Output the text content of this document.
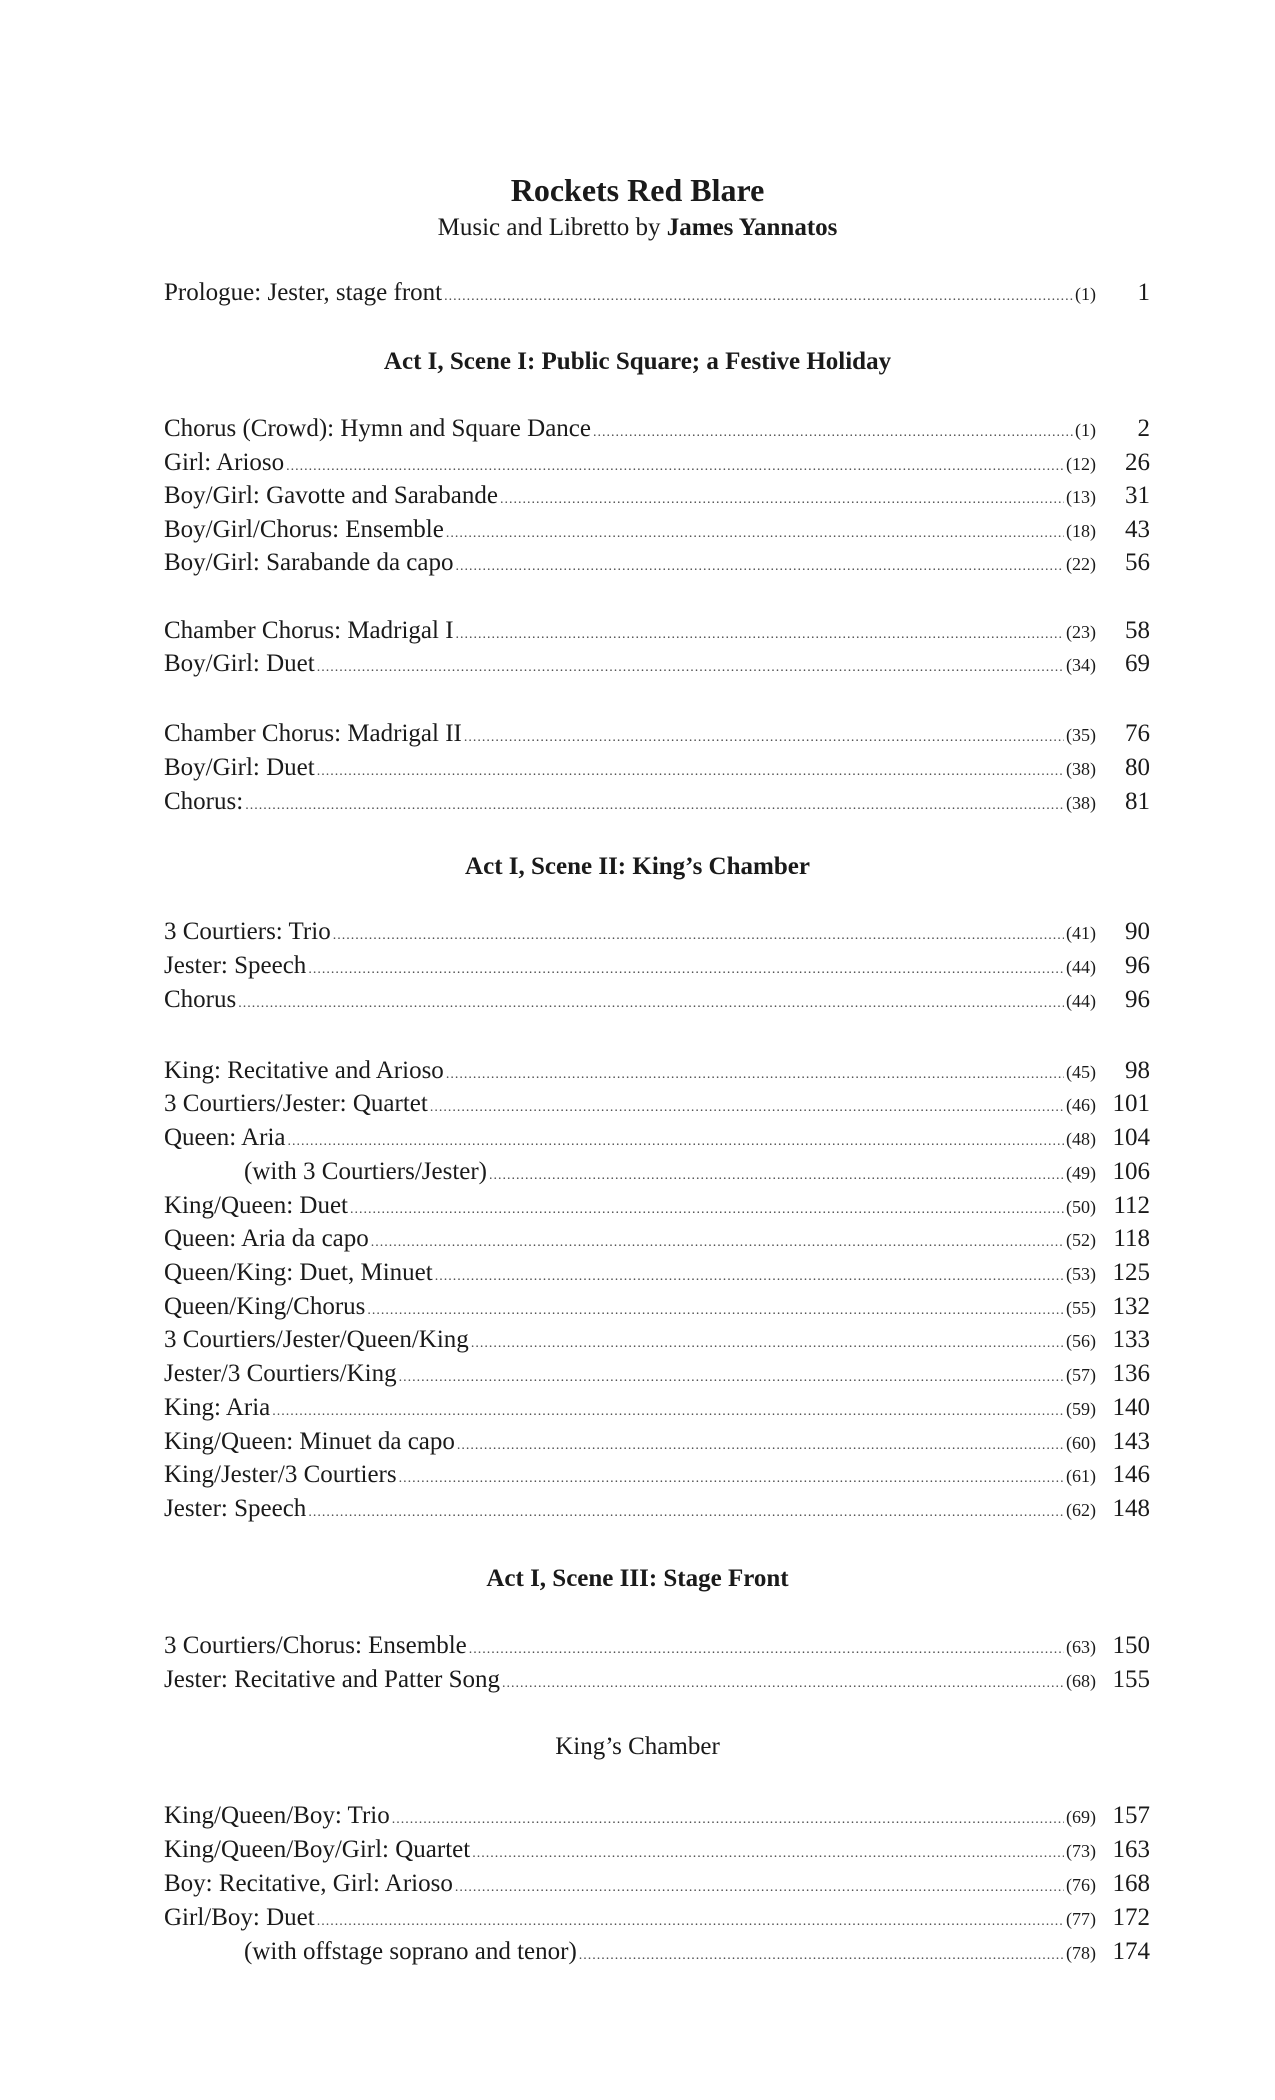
Rockets Red Blare
Music and Libretto by James Yannatos
Prologue: Jester, stage front .....	(1)	1
Act I, Scene I: Public Square; a Festive Holiday
Act I, Scene II: King’s Chamber
Act I, Scene III: Stage Front
King’s Chamber
Chorus (Crowd): Hymn and Square Dance .....	(1)	2
Girl: Arioso .....	(12)	26
Boy/Girl: Gavotte and Sarabande .....	(13)	31
Boy/Girl/Chorus: Ensemble .....	(18)	43
Boy/Girl: Sarabande da capo .....	(22)	56
Chamber Chorus: Madrigal I .....	(23)	58
Boy/Girl: Duet .....	(34)	69
Chamber Chorus: Madrigal II .....	(35)	76
Boy/Girl: Duet .....	(38)	80
Chorus: .....	(38)	81
3 Courtiers: Trio .....	(41)	90
Jester: Speech .....	(44)	96
Chorus .....	(44)	96
King: Recitative and Arioso .....	(45)	98
3 Courtiers/Jester: Quartet .....	(46) 101
Queen: Aria .....	(48) 104
(with 3 Courtiers/Jester) .....	(49) 106
King/Queen: Duet .....	(50) 112
Queen: Aria da capo .....	(52) 118
Queen/King: Duet, Minuet .....	(53) 125
Queen/King/Chorus .....	(55) 132
3 Courtiers/Jester/Queen/King .....	(56) 133
Jester/3 Courtiers/King .....	(57) 136
King: Aria .....	(59) 140
King/Queen: Minuet da capo .....	(60) 143
King/Jester/3 Courtiers .....	(61) 146
Jester: Speech .....	(62) 148
3 Courtiers/Chorus: Ensemble .....	(63) 150
Jester: Recitative and Patter Song .....	(68) 155
King/Queen/Boy: Trio .....	(69) 157
King/Queen/Boy/Girl: Quartet .....	(73) 163
Boy: Recitative, Girl: Arioso .....	(76) 168
Girl/Boy: Duet .....	(77) 172
(with offstage soprano and tenor) .....	(78) 174
